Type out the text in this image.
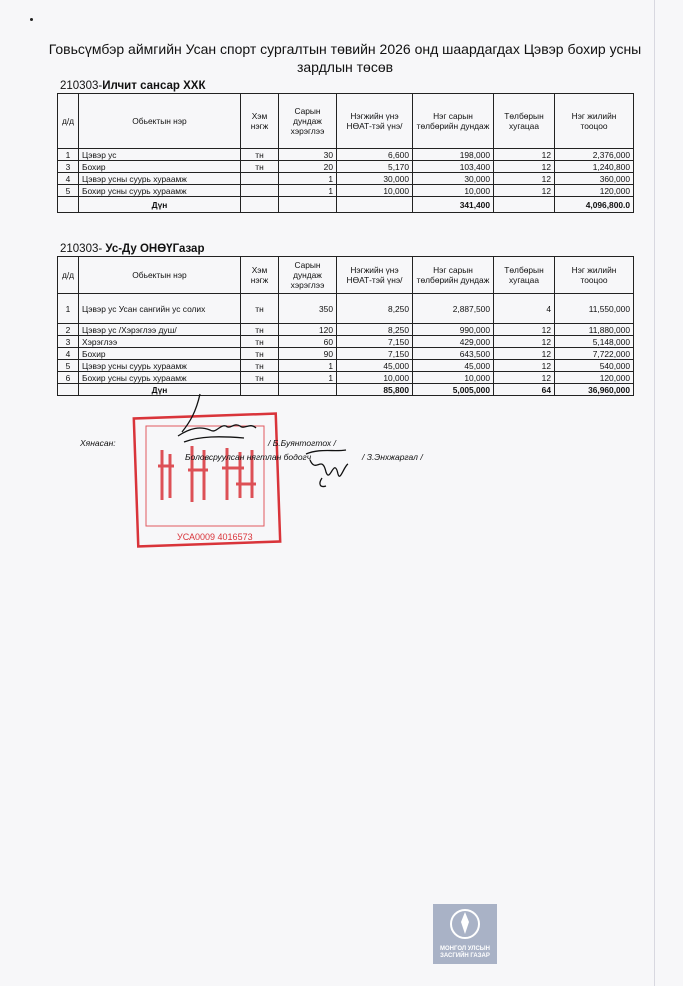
Говьсүмбэр аймгийн Усан спорт сургалтын төвийн 2026 онд шаардагдах Цэвэр бохир усны зардлын төсөв
210303-Илчит сансар ХХК
д/д	Обьектын нэр	Хэм нэгж	Сарын дундаж хэрэглээ	Нэгжийн үнэ НӨАТ-тэй үнэ/	Нэг сарын төлбөрийн дундаж	Төлбөрын хугацаа	Нэг жилийн тооцоо
1	Цэвэр ус	тн	30	6,600	198,000	12	2,376,000
3	Бохир	тн	20	5,170	103,400	12	1,240,800
4	Цэвэр усны суурь хураамж		1	30,000	30,000	12	360,000
5	Бохир усны суурь хураамж		1	10,000	10,000	12	120,000
	Дүн				341,400		4,096,800.0
210303- Ус-Ду ОНӨҮГазар
д/д	Обьектын нэр	Хэм нэгж	Сарын дундаж хэрэглээ	Нэгжийн үнэ НӨАТ-тэй үнэ/	Нэг сарын төлбөрийн дундаж	Төлбөрын хугацаа	Нэг жилийн тооцоо
1	Цэвэр ус Усан сангийн ус солих	тн	350	8,250	2,887,500	4	11,550,000
2	Цэвэр ус /Хэрэглээ душ/	тн	120	8,250	990,000	12	11,880,000
3	Хэрэглээ	тн	60	7,150	429,000	12	5,148,000
4	Бохир	тн	90	7,150	643,500	12	7,722,000
5	Цэвэр усны суурь хураамж	тн	1	45,000	45,000	12	540,000
6	Бохир усны суурь хураамж	тн	1	10,000	10,000	12	120,000
	Дүн			85,800	5,005,000	64	36,960,000
УСА0009 4016573
Хянасан:	/ Б.Буянтогтох /
Боловсруулсан нягтлан бодогч	/ З.Энхжаргал /
МОНГОЛ УЛСЫН
ЗАСГИЙН ГАЗАР
